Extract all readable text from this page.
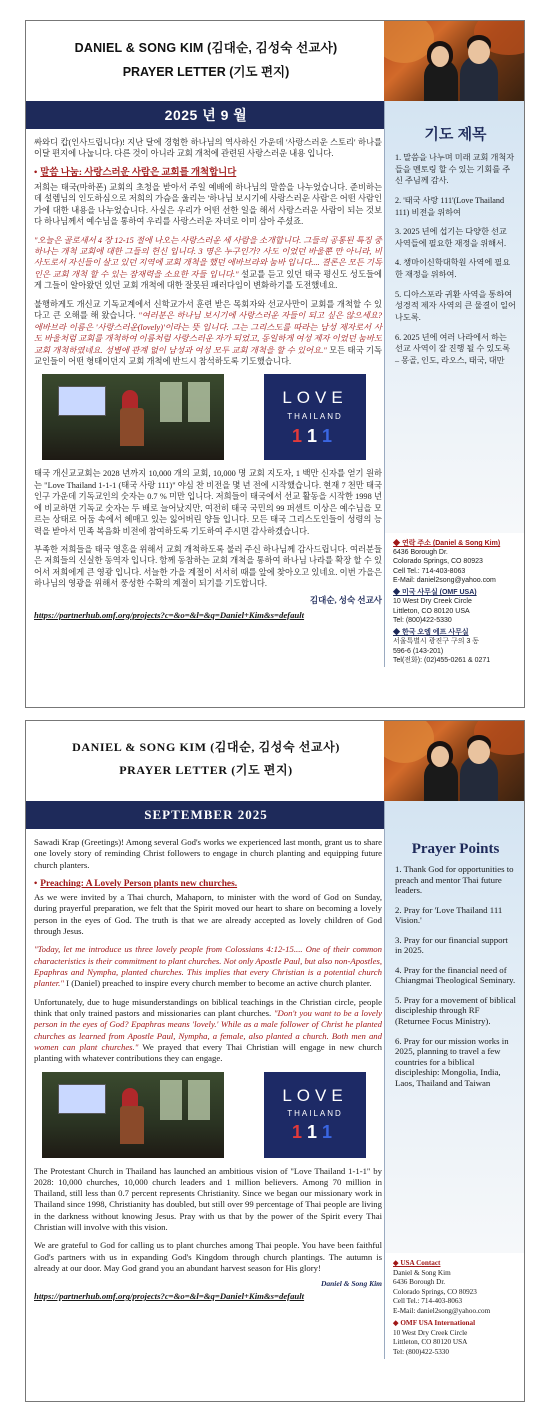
DANIEL & SONG KIM (김대순, 김성숙 선교사)
PRAYER LETTER (기도 편지)
2025 년 9 월

싸와디 캅(인사드립니다)! 지난 달에 경험한 하나님의 역사하신 가운데 '사랑스러운 스토리' 하나를 이달 편지에 나눕니다. 다른 것이 아니라 교회 개척에 관련된 사랑스러운 내용 입니다.

• 말씀 나눔: 사랑스러운 사람은 교회를 개척합니다

저희는 태국(마하폰) 교회의 초청을 받아서 주일 예배에 하나님의 말씀을 나누었습니다. 준비하는데 설렘님의 인도하심으로 저희의 가슴을 울리는 '하나님 보시기에 사랑스러운 사람'은 어떤 사람인가에 대한 내용을 나누었습니다. 사실은 우리가 어떤 선한 일을 해서 사랑스러운 사람이 되는 것보다 하나님께서 예수님을 통하여 우리를 사랑스러운 자녀로 이미 삼아 주셨죠.

"오늘은 골로새서 4 장 12-15 절에 나오는 사랑스러운 세 사람을 소개합니다. 그들의 공통된 특징 중 하나는 개척 교회에 대한 그들의 헌신 입니다. 3 명은 누구인가? 사도 이었던 바울뿐 만 아니라, 비사도로서 자신들이 살고 있던 지역에 교회 개척을 했던 에바브라와 눔바 입니다.... 결론은 모든 기독인은 교회 개척 할 수 있는 잠재력을 소요한 자들 입니다." 설교를 듣고 있던 태국 평신도 성도들에게 그들이 알아왔던 있던 교회 개척에 대한 잘못된 패러다임이 변화하기를 도전했네요.

불행하게도 개신교 기독교계에서 신학교가서 훈련 받은 목회자와 선교사만이 교회를 개척할 수 있다고 큰 오해를 해 왔습니다. "여러분은 하나님 보시기에 사랑스러운 자들이 되고 싶은 않으세요? 에바브라 이름은 '사랑스러운(lovely)'이라는 뜻 입니다. 그는 그리스도를 따라는 남성 제자로서 사도 바울처럼 교회를 개척하여 이름처럼 사랑스러운 자가 되었고, 동일하게 여성 제자 이었던 눔바도 교회 개척하였네요. 성별에 관계 없이 남성과 여성 모두 교회 개척을 할 수 있어요." 모든 태국 기독교인들이 어떤 형태이던지 교회 개척에 반드시 참석하도록 기도했습니다.

LOVE
THAILAND
111

태국 개신교교회는 2028 년까지 10,000 개의 교회, 10,000 명 교회 지도자, 1 백만 신자를 얻기 원하는 "Love Thailand 1-1-1 (태국 사랑 111)" 야심 찬 비전을 몇 년 전에 시작했습니다. 현재 7 천만 태국 인구 가운데 기독교인의 숫자는 0.7 % 미만 입니다. 저희들이 태국에서 선교 활동을 시작한 1998 년에 비교하면 기독교 숫자는 두 배로 늘어났지만, 여전히 태국 국민의 99 퍼센트 이상은 예수님을 모르는 상태로 어둠 속에서 헤매고 있는 잃어버린 양들 입니다. 모든 태국 그리스도인들이 성령의 능력을 받아서 민족 복음화 비전에 참여하도록 기도하여 주시면 감사하겠습니다.

부족한 저희들을 태국 영혼을 위해서 교회 개척하도록 불러 주신 하나님께 감사드립니다. 여러분들은 저희들의 신실한 동역자 입니다. 함께 동참하는 교회 개척을 통하여 하나님 나라를 확장 할 수 있어서 저희에게 큰 영광 입니다. 서늘한 가을 계절이 서서히 때를 앞에 찾아오고 있네요. 이번 가을은 하나님의 영광을 위해서 풍성한 수확의 계절이 되기를 기도합니다.

김대순, 성숙 선교사
https://partnerhub.omf.org/projects?c=&o=&l=&q=Daniel+Kim&s=default
기도 제목
1. 말씀을 나누며 미래 교회 개척자들을 멘토링 할 수 있는 기회를 주신 주님께 감사.
2. '태국 사랑 111'(Love Thailand 111) 비전을 위하여
3. 2025 년에 섭기는 다양한 선교 사역들에 필요한 재정을 위해서.
4. 챙마이신학대학원 사역에 필요한 재정을 위하여.
5. 디아스포라 귀환 사역을 통하여 성경적 제자 사역의 큰 물결이 일어나도록.
6. 2025 년에 여러 나라에서 하는 선교 사역이 잘 진행 될 수 있도록 – 몽골, 인도, 라오스, 태국, 대만
◆ 연락 주소 (Daniel & Song Kim)
6436 Borough Dr.
Colorado Springs, CO 80923
Cell Tel.: 714-403-8063
E-Mail: daniel2song@yahoo.com
◆ 미국 사무실 (OMF USA)
10 West Dry Creek Circle
Littleton, CO 80120 USA
Tel: (800)422-5330
◆ 한국 오엠 에프 사무실
서울특별시 광진구 구의 3 동
596-6 (143-201)
Tel(전화): (02)455-0261 & 0271
DANIEL & SONG KIM (김대순, 김성숙 선교사)
PRAYER LETTER (기도 편지)
SEPTEMBER 2025

Sawadi Krap (Greetings)! Among several God's works we experienced last month, grant us to share one lovely story of reminding Christ followers to engage in church planting and equipping future church planters.

• Preaching: A Lovely Person plants new churches.

As we were invited by a Thai church, Mahaporn, to minister with the word of God on Sunday, during prayerful preparation, we felt that the Spirit moved our heart to share on becoming a lovely person in the eyes of God. The truth is that we are already accepted as lovely children of God through Jesus.

"Today, let me introduce us three lovely people from Colossians 4:12-15.... One of their common characteristics is their commitment to plant churches. Not only Apostle Paul, but also non-Apostles, Epaphras and Nympha, planted churches. This implies that every Christian is a potential church planter." I (Daniel) preached to inspire every church member to become an active church planter.

Unfortunately, due to huge misunderstandings on biblical teachings in the Christian circle, people think that only trained pastors and missionaries can plant churches. "Don't you want to be a lovely person in the eyes of God? Epaphras means 'lovely.' While as a male follower of Christ he planted churches as learned from Apostle Paul, Nympha, a female, also planted a church. Both men and women can plant churches." We prayed that every Thai Christian will engage in new church planting with whatever contributions they can engage.

LOVE
THAILAND
111

The Protestant Church in Thailand has launched an ambitious vision of "Love Thailand 1-1-1" by 2028: 10,000 churches, 10,000 church leaders and 1 million believers. Among 70 million in Thailand, still less than 0.7 percent represents Christianity. Since we began our missionary work in Thailand since 1998, Christianity has doubled, but still over 99 percentage of Thai people are living in the darkness without knowing Jesus. Pray with us that by the power of the Spirit every Thai Christian will involve with this vision.

We are grateful to God for calling us to plant churches among Thai people. You have been faithful God's partners with us in expanding God's Kingdom through church plantings. The autumn is already at our door. May God grand you an abundant harvest season for His glory!

Daniel & Song Kim
https://partnerhub.omf.org/projects?c=&o=&l=&q=Daniel+Kim&s=default
Prayer Points
1. Thank God for opportunities to preach and mentor Thai future leaders.
2. Pray for 'Love Thailand 111 Vision.'
3. Pray for our financial support in 2025.
4. Pray for the financial need of Chiangmai Theological Seminary.
5. Pray for a movement of biblical discipleship through RF (Returnee Focus Ministry).
6. Pray for our mission works in 2025, planning to travel a few countries for a biblical discipleship: Mongolia, India, Laos, Thailand and Taiwan
◆ USA Contact
Daniel & Song Kim
6436 Borough Dr.
Colorado Springs, CO 80923
Cell Tel.: 714-403-8063
E-Mail: daniel2song@yahoo.com
◆ OMF USA International
10 West Dry Creek Circle
Littleton, CO 80120 USA
Tel: (800)422-5330
